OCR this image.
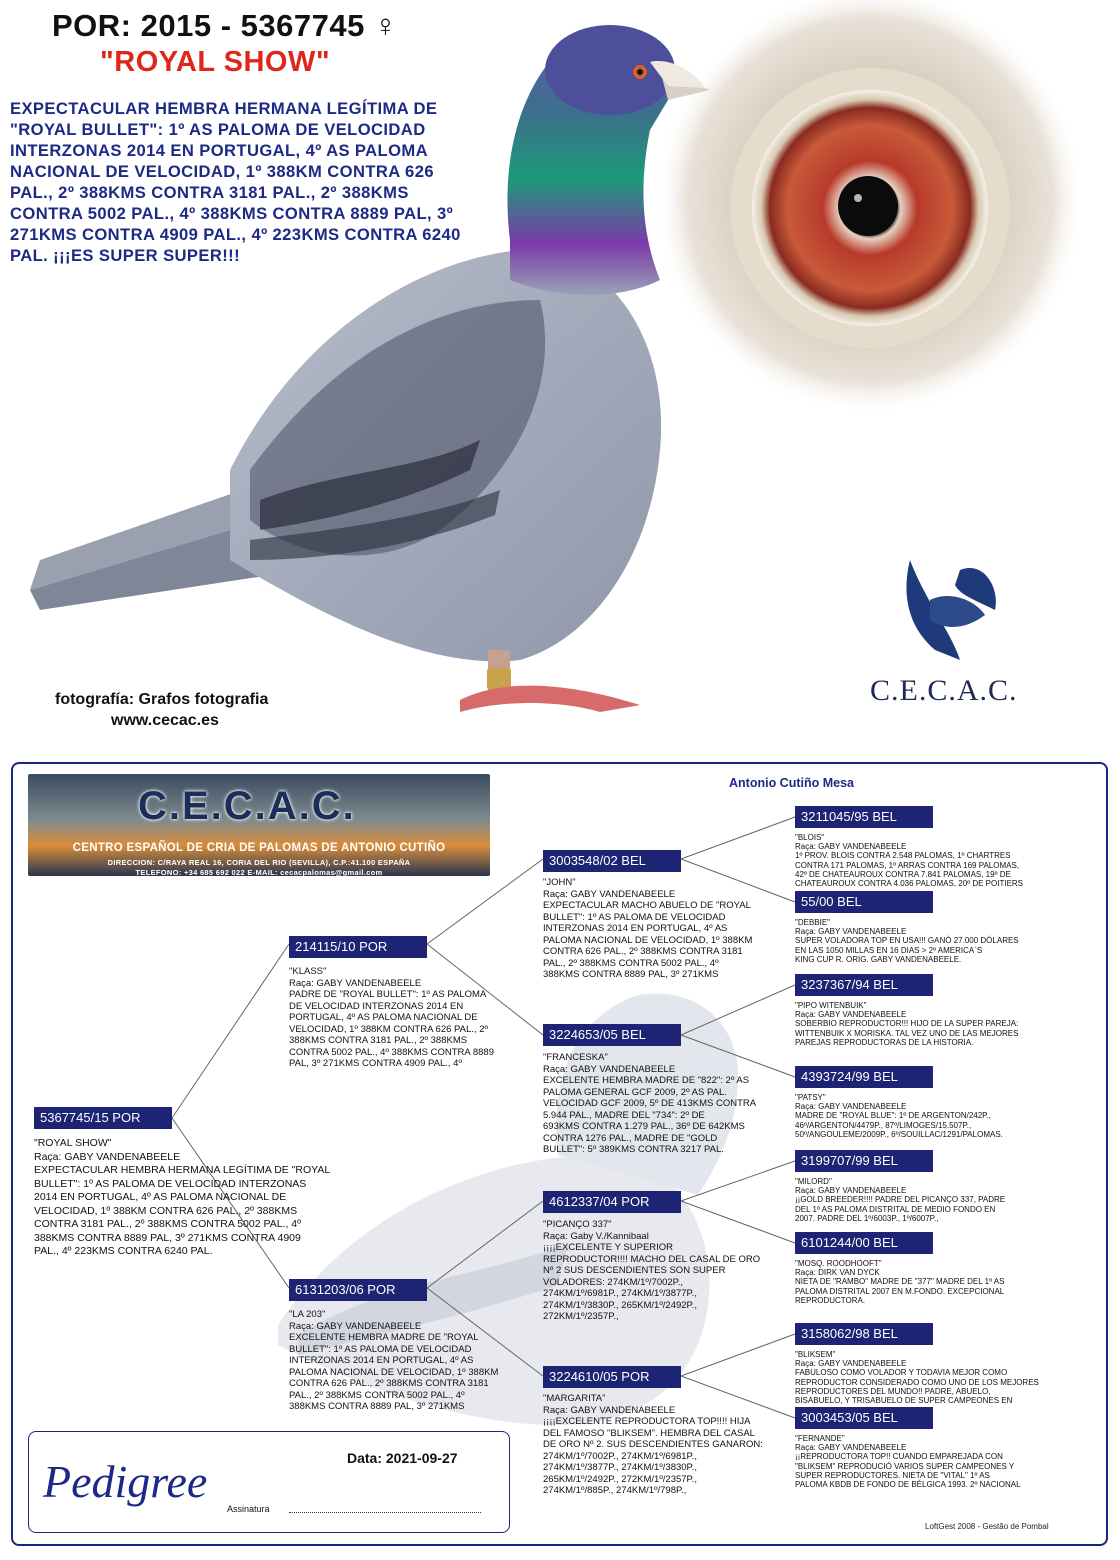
POR: 2015 - 5367745 ♀
"ROYAL SHOW"
EXPECTACULAR HEMBRA HERMANA LEGÍTIMA DE "ROYAL BULLET": 1º AS PALOMA DE VELOCIDAD INTERZONAS 2014 EN PORTUGAL, 4º AS PALOMA NACIONAL DE VELOCIDAD, 1º 388KM CONTRA 626 PAL., 2º 388KMS CONTRA 3181 PAL., 2º 388KMS CONTRA 5002 PAL., 4º 388KMS CONTRA 8889 PAL, 3º 271KMS CONTRA 4909 PAL., 4º 223KMS CONTRA 6240 PAL. ¡¡¡ES SUPER SUPER!!!
fotografía: Grafos fotografia
www.cecac.es
C.E.C.A.C.
C.E.C.A.C.
CENTRO ESPAÑOL DE CRIA DE PALOMAS DE ANTONIO CUTIÑO
DIRECCION: C/RAYA REAL 16, CORIA DEL RIO (SEVILLA), C.P.:41.100 ESPAÑA
TELEFONO: +34 685 692 022 E-MAIL: cecacpalomas@gmail.com
Antonio Cutiño Mesa
5367745/15 POR
"ROYAL SHOW"
Raça: GABY VANDENABEELE
EXPECTACULAR HEMBRA HERMANA LEGÍTIMA DE "ROYAL
BULLET": 1º AS PALOMA DE VELOCIDAD INTERZONAS
2014 EN PORTUGAL, 4º AS PALOMA NACIONAL DE
VELOCIDAD, 1º 388KM CONTRA 626 PAL., 2º 388KMS
CONTRA 3181 PAL., 2º 388KMS CONTRA 5002 PAL., 4º
388KMS CONTRA 8889 PAL, 3º 271KMS CONTRA 4909
PAL., 4º 223KMS CONTRA 6240 PAL.
214115/10 POR
"KLASS"
Raça: GABY VANDENABEELE
PADRE DE "ROYAL BULLET": 1º AS PALOMA
DE VELOCIDAD INTERZONAS 2014 EN
PORTUGAL, 4º AS PALOMA NACIONAL DE
VELOCIDAD, 1º 388KM CONTRA 626 PAL., 2º
388KMS CONTRA 3181 PAL., 2º 388KMS
CONTRA 5002 PAL., 4º 388KMS CONTRA 8889
PAL, 3º 271KMS CONTRA 4909 PAL., 4º
6131203/06 POR
"LA 203"
Raça: GABY VANDENABEELE
EXCELENTE HEMBRA MADRE DE "ROYAL
BULLET": 1º AS PALOMA DE VELOCIDAD
INTERZONAS 2014 EN PORTUGAL, 4º AS
PALOMA NACIONAL DE VELOCIDAD, 1º 388KM
CONTRA 626 PAL., 2º 388KMS CONTRA 3181
PAL., 2º 388KMS CONTRA 5002 PAL., 4º
388KMS CONTRA 8889 PAL, 3º 271KMS
3003548/02 BEL
"JOHN"
Raça: GABY VANDENABEELE
EXPECTACULAR MACHO ABUELO DE "ROYAL
BULLET": 1º AS PALOMA DE VELOCIDAD
INTERZONAS 2014 EN PORTUGAL, 4º AS
PALOMA NACIONAL DE VELOCIDAD, 1º 388KM
CONTRA 626 PAL., 2º 388KMS CONTRA 3181
PAL., 2º 388KMS CONTRA 5002 PAL., 4º
388KMS CONTRA 8889 PAL, 3º 271KMS
3224653/05 BEL
"FRANCESKA"
Raça: GABY VANDENABEELE
EXCELENTE HEMBRA MADRE DE "822": 2º AS
PALOMA GENERAL GCF 2009, 2º AS PAL.
VELOCIDAD GCF 2009, 5º DE 413KMS CONTRA
5.944 PAL., MADRE DEL "734": 2º DE
693KMS CONTRA 1.279 PAL., 36º DE 642KMS
CONTRA 1276 PAL., MADRE DE "GOLD
BULLET": 5º 389KMS CONTRA 3217 PAL.
4612337/04 POR
"PICANÇO 337"
Raça: Gaby V./Kannibaal
¡¡¡¡EXCELENTE Y SUPERIOR
REPRODUCTOR!!!! MACHO DEL CASAL DE ORO
Nº 2 SUS DESCENDIENTES SON SUPER
VOLADORES: 274KM/1º/7002P.,
274KM/1º/6981P., 274KM/1º/3877P.,
274KM/1º/3830P., 265KM/1º/2492P.,
272KM/1º/2357P.,
3224610/05 POR
"MARGARITA"
Raça: GABY VANDENABEELE
¡¡¡¡EXCELENTE REPRODUCTORA TOP!!!! HIJA
DEL FAMOSO "BLIKSEM". HEMBRA DEL CASAL
DE ORO Nº 2. SUS DESCENDIENTES GANARON:
274KM/1º/7002P., 274KM/1º/6981P.,
274KM/1º/3877P., 274KM/1º/3830P.,
265KM/1º/2492P., 272KM/1º/2357P.,
274KM/1º/885P., 274KM/1º/798P.,
3211045/95 BEL
"BLOIS"
Raça: GABY VANDENABEELE
1º PROV. BLOIS CONTRA 2.548 PALOMAS, 1º CHARTRES
CONTRA 171 PALOMAS, 1º ARRAS CONTRA 169 PALOMAS,
42º DE CHATEAUROUX CONTRA 7.841 PALOMAS, 19º DE
CHATEAUROUX CONTRA 4.036 PALOMAS, 20º DE POITIERS
55/00 BEL
"DEBBIE"
Raça: GABY VANDENABEELE
SUPER VOLADORA TOP EN USA!!! GANÓ 27.000 DÓLARES
EN LAS 1050 MILLAS EN 16 DIAS > 2º AMERICA´S
KING CUP R. ORIG. GABY VANDENABEELE.
3237367/94 BEL
"PIPO WITENBUIK"
Raça: GABY VANDENABEELE
SOBERBIO REPRODUCTOR!!! HIJO DE LA SUPER PAREJA:
WITTENBUIK X MORISKA. TAL VEZ UNO DE LAS MEJORES
PAREJAS REPRODUCTORAS DE LA HISTORIA.
4393724/99 BEL
"PATSY"
Raça: GABY VANDENABEELE
MADRE DE "ROYAL BLUE": 1º DE ARGENTON/242P.,
46º/ARGENTON/4479P., 87º/LIMOGES/15.507P.,
50º/ANGOULEME/2009P., 6º/SOUILLAC/1291/PALOMAS.
3199707/99 BEL
"MILORD"
Raça: GABY VANDENABEELE
¡¡GOLD BREEDER!!!! PADRE DEL PICANÇO 337, PADRE
DEL 1º AS PALOMA DISTRITAL DE MEDIO FONDO EN
2007. PADRE DEL 1º/6003P., 1º/6007P.,
6101244/00 BEL
"MOSQ. ROODHOOFT"
Raça: DIRK VAN DYCK
NIETA DE "RAMBO" MADRE DE "377" MADRE DEL 1º AS
PALOMA DISTRITAL 2007 EN M.FONDO. EXCEPCIONAL
REPRODUCTORA.
3158062/98 BEL
"BLIKSEM"
Raça: GABY VANDENABEELE
FABULOSO COMO VOLADOR Y TODAVIA MEJOR COMO
REPRODUCTOR CONSIDERADO COMO UNO DE LOS MEJORES
REPRODUCTORES DEL MUNDO!! PADRE, ABUELO,
BISABUELO, Y TRISABUELO DE SUPER CAMPEONES EN
3003453/05 BEL
"FERNANDE"
Raça: GABY VANDENABEELE
¡¡REPRODUCTORA TOP!! CUANDO EMPAREJADA CON
"BLIKSEM" REPRODUCIÓ VARIOS SUPER CAMPEONES Y
SUPER REPRODUCTORES. NIETA DE "VITAL" 1º AS
PALOMA KBDB DE FONDO DE BÉLGICA 1993. 2º NACIONAL
Pedigree	Data: 2021-09-27
Assinatura
LoftGest 2008 - Gestão de Pombal
